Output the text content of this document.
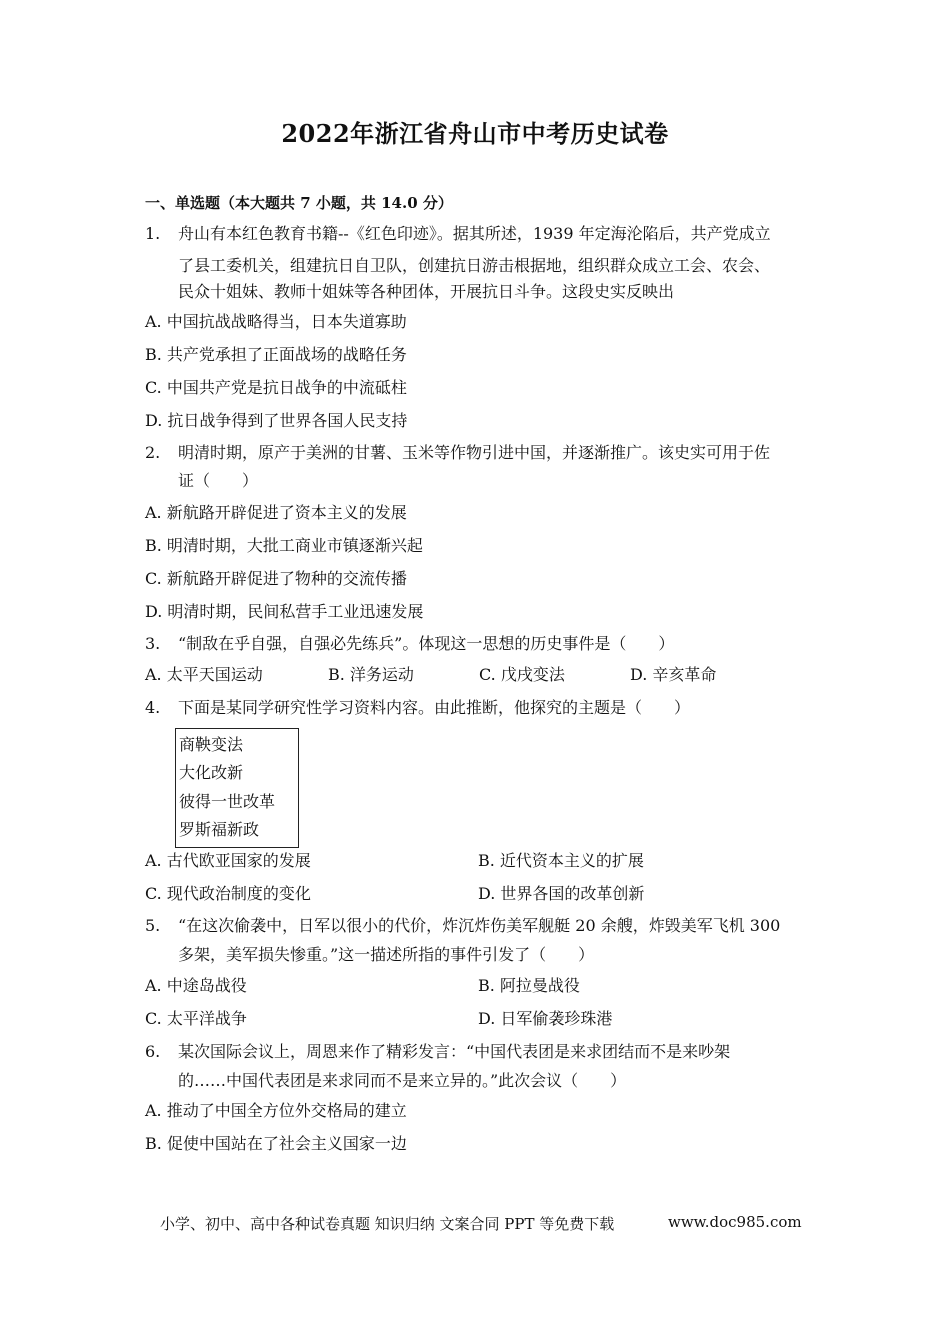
2022年浙江省舟山市中考历史试卷
一、单选题（本大题共 7 小题，共 14.0 分）
1. 舟山有本红色教育书籍--《红色印迹》。据其所述，1939 年定海沦陷后，共产党成立
了县工委机关，组建抗日自卫队，创建抗日游击根据地，组织群众成立工会、农会、
民众十姐妹、教师十姐妹等各种团体，开展抗日斗争。这段史实反映出
A. 中国抗战战略得当，日本失道寡助
B. 共产党承担了正面战场的战略任务
C. 中国共产党是抗日战争的中流砥柱
D. 抗日战争得到了世界各国人民支持
2. 明清时期，原产于美洲的甘薯、玉米等作物引进中国，并逐渐推广。该史实可用于佐
证（　　）
A. 新航路开辟促进了资本主义的发展
B. 明清时期，大批工商业市镇逐渐兴起
C. 新航路开辟促进了物种的交流传播
D. 明清时期，民间私营手工业迅速发展
3. “制敌在乎自强，自强必先练兵”。体现这一思想的历史事件是（　　）
A. 太平天国运动	B. 洋务运动	C. 戊戌变法	D. 辛亥革命
4. 下面是某同学研究性学习资料内容。由此推断，他探究的主题是（　　）
商鞅变法
大化改新
彼得一世改革
罗斯福新政
A. 古代欧亚国家的发展	B. 近代资本主义的扩展
C. 现代政治制度的变化	D. 世界各国的改革创新
5. “在这次偷袭中，日军以很小的代价，炸沉炸伤美军舰艇 20 余艘，炸毁美军飞机 300
多架，美军损失惨重。”这一描述所指的事件引发了（　　）
A. 中途岛战役	B. 阿拉曼战役
C. 太平洋战争	D. 日军偷袭珍珠港
6. 某次国际会议上，周恩来作了精彩发言：“中国代表团是来求团结而不是来吵架
的……中国代表团是来求同而不是来立异的。”此次会议（　　）
A. 推动了中国全方位外交格局的建立
B. 促使中国站在了社会主义国家一边
小学、初中、高中各种试卷真题 知识归纳 文案合同 PPT 等免费下载	www.doc985.com
